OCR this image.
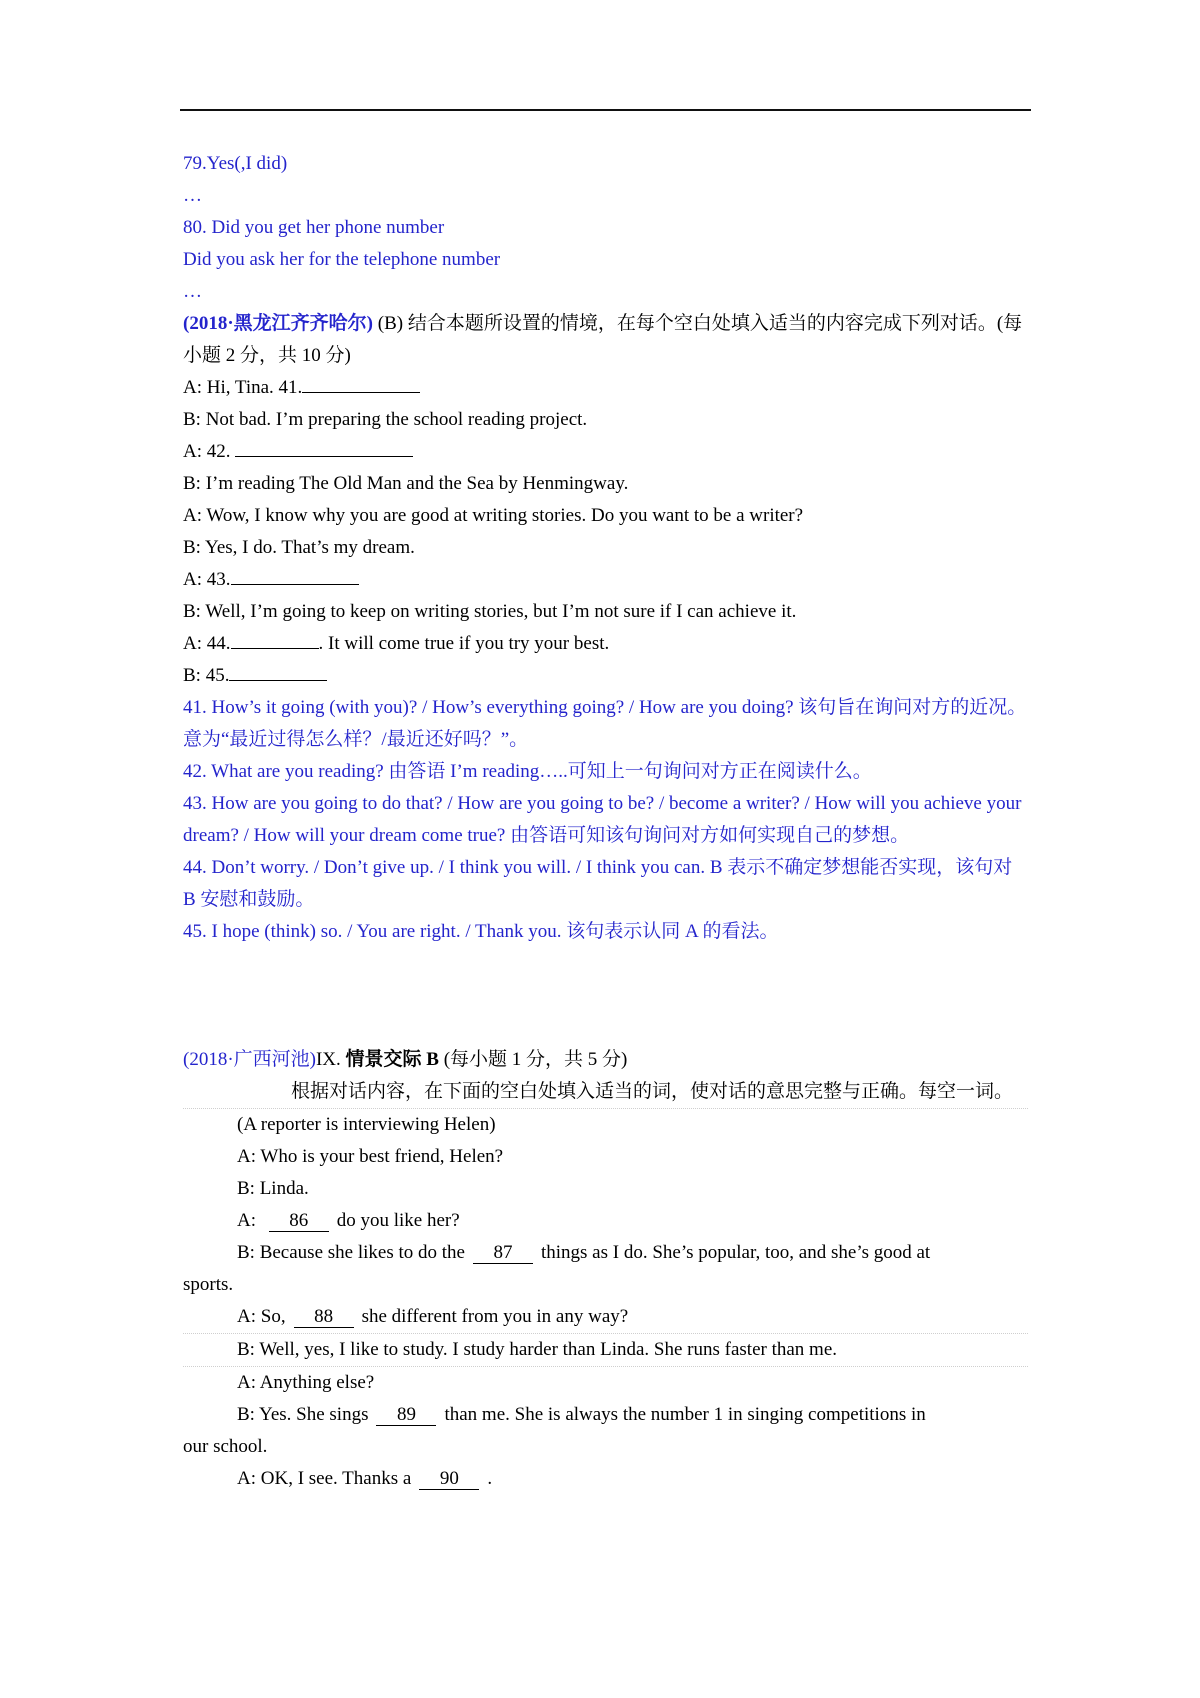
79.Yes(,I did)
…
80. Did you get her phone number
Did you ask her for the telephone number
…
(2018·黑龙江齐齐哈尔) (B) 结合本题所设置的情境，在每个空白处填入适当的内容完成下列对话。(每小题 2 分，共 10 分)
A: Hi, Tina. 41.
B: Not bad. I’m preparing the school reading project.
A: 42.
B: I’m reading The Old Man and the Sea by Henmingway.
A: Wow, I know why you are good at writing stories. Do you want to be a writer?
B: Yes, I do. That’s my dream.
A: 43.
B: Well, I’m going to keep on writing stories, but I’m not sure if I can achieve it.
A: 44.	. It will come true if you try your best.
B: 45.
41. How’s it going (with you)? / How’s everything going? / How are you doing? 该句旨在询问对方的近况。意为“最近过得怎么样？/最近还好吗？”。
42. What are you reading? 由答语 I’m reading…..可知上一句询问对方正在阅读什么。
43. How are you going to do that? / How are you going to be? / become a writer? / How will you achieve your dream? / How will your dream come true? 由答语可知该句询问对方如何实现自己的梦想。
44. Don’t worry. / Don’t give up. / I think you will. / I think you can. B 表示不确定梦想能否实现，该句对 B 安慰和鼓励。
45. I hope (think) so. / You are right. / Thank you. 该句表示认同 A 的看法。
(2018·广西河池)IX. 情景交际 B (每小题 1 分，共 5 分)
根据对话内容，在下面的空白处填入适当的词，使对话的意思完整与正确。每空一词。
(A reporter is interviewing Helen)
A: Who is your best friend, Helen?
B: Linda.
A: 86 do you like her?
B: Because she likes to do the 87 things as I do. She’s popular, too, and she’s good at
sports.
A: So, 88 she different from you in any way?
B: Well, yes, I like to study. I study harder than Linda. She runs faster than me.
A: Anything else?
B: Yes. She sings 89 than me. She is always the number 1 in singing competitions in
our school.
A: OK, I see. Thanks a 90 .
